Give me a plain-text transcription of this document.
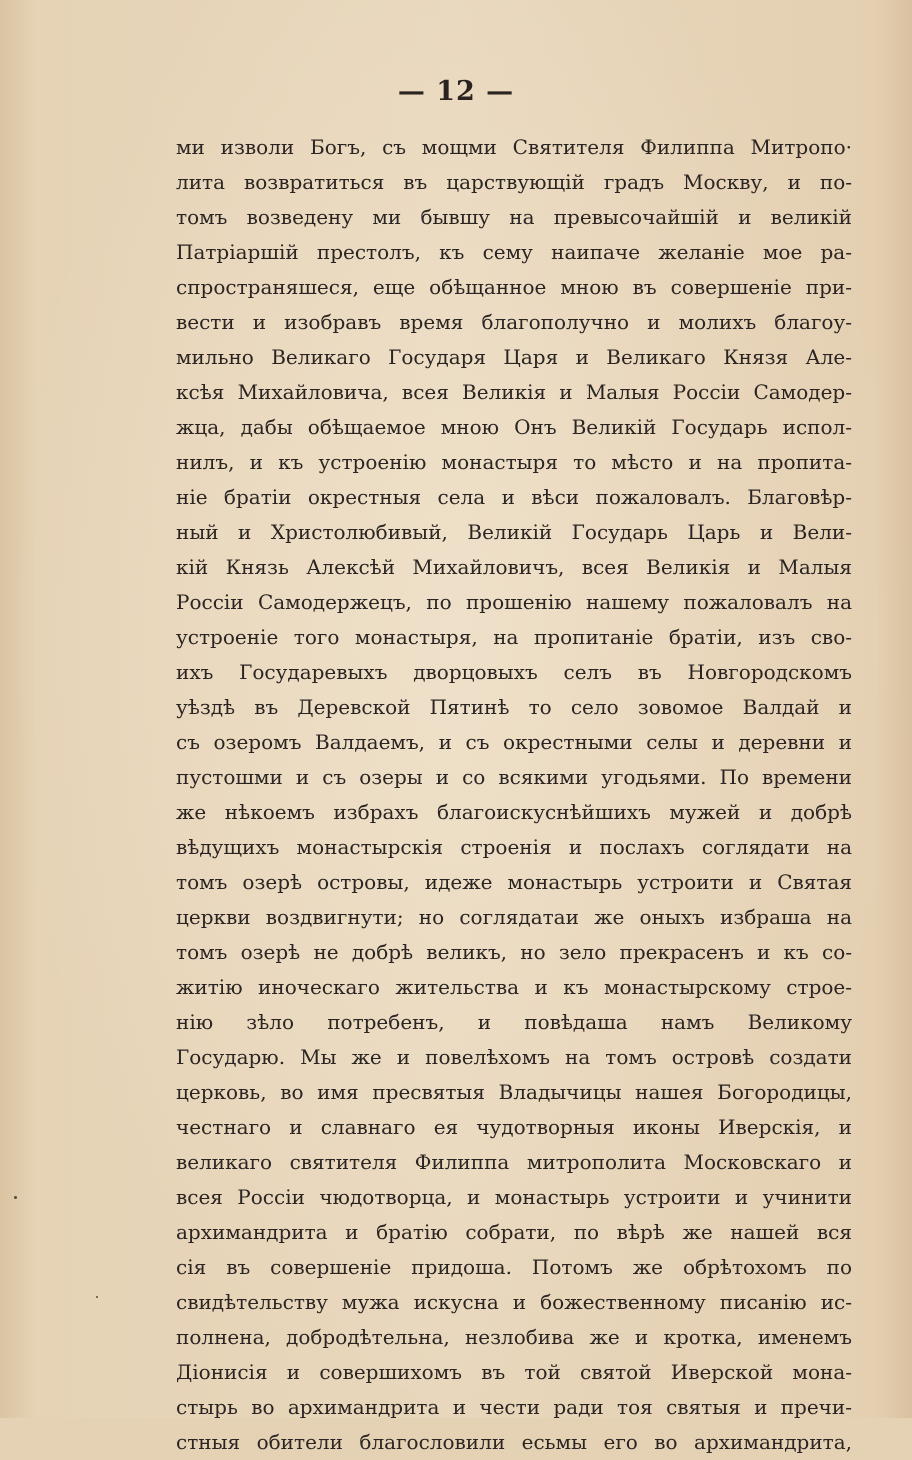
— 12 —
ми изволи Богъ, съ мощми Святителя Филиппа Митропо·
лита возвратиться въ царствующій градъ Москву, и по-
томъ возведену ми бывшу на превысочайшій и великій
Патріаршій престолъ, къ сему наипаче желаніе мое ра-
спространяшеся, еще обѣщанное мною въ совершеніе при-
вести и изобравъ время благополучно и молихъ благоу-
мильно Великаго Государя Царя и Великаго Князя Але-
ксѣя Михайловича, всея Великія и Малыя Россіи Самодер-
жца, дабы обѣщаемое мною Онъ Великій Государь испол-
нилъ, и къ устроенію монастыря то мѣсто и на пропита-
ніе братіи окрестныя села и вѣси пожаловалъ. Благовѣр-
ный и Христолюбивый, Великій Государь Царь и Вели-
кій Князь Алексѣй Михайловичъ, всея Великія и Малыя
Россіи Самодержецъ, по прошенію нашему пожаловалъ на
устроеніе того монастыря, на пропитаніе братіи, изъ сво-
ихъ Государевыхъ дворцовыхъ селъ въ Новгородскомъ
уѣздѣ въ Деревской Пятинѣ то село зовомое Валдай и
съ озеромъ Валдаемъ, и съ окрестными селы и деревни и
пустошми и съ озеры и со всякими угодьями. По времени
же нѣкоемъ избрахъ благоискуснѣйшихъ мужей и добрѣ
вѣдущихъ монастырскія строенія и послахъ соглядати на
томъ озерѣ островы, идеже монастырь устроити и Святая
церкви воздвигнути; но соглядатаи же оныхъ избраша на
томъ озерѣ не добрѣ великъ, но зело прекрасенъ и къ со-
житію иноческаго жительства и къ монастырскому строе-
нію зѣло потребенъ, и повѣдаша намъ Великому
Государю. Мы же и повелѣхомъ на томъ островѣ создати
церковь, во имя пресвятыя Владычицы нашея Богородицы,
честнаго и славнаго ея чудотворныя иконы Иверскія, и
великаго святителя Филиппа митрополита Московскаго и
всея Россіи чюдотворца, и монастырь устроити и учинити
архимандрита и братію собрати, по вѣрѣ же нашей вся
сія въ совершеніе придоша. Потомъ же обрѣтохомъ по
свидѣтельству мужа искусна и божественному писанію ис-
полнена, добродѣтельна, незлобива же и кротка, именемъ
Діонисія и совершихомъ въ той святой Иверской мона-
стырь во архимандрита и чести ради тоя святыя и пречи-
стныя обители благословили есьмы его во архимандрита,
